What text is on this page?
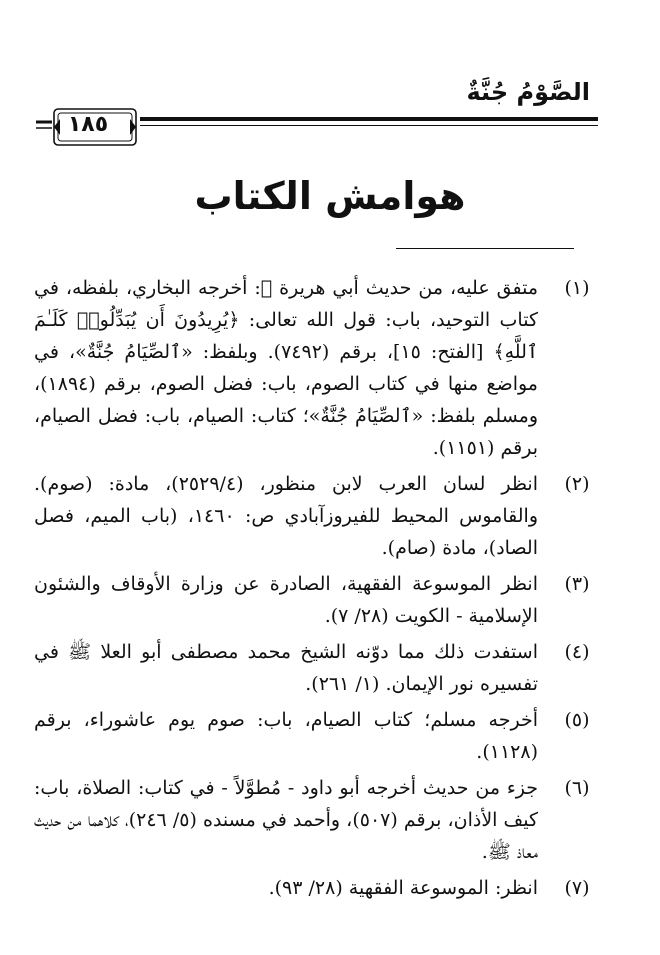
الصَّوْمُ جُنَّةٌ
١٨٥
هوامش الكتاب
(١)
متفق عليه، من حديث أبي هريرة ﷺ: أخرجه البخاري، بلفظه، في كتاب التوحيد، باب: قول الله تعالى: ﴿يُرِيدُونَ أَن يُبَدِّلُوا۟ كَلَـٰمَ ٱللَّهِ﴾ [الفتح: ١٥]، برقم (٧٤٩٢). وبلفظ: «ٱلصِّيَامُ جُنَّةٌ»، في مواضع منها في كتاب الصوم، باب: فضل الصوم، برقم (١٨٩٤)، ومسلم بلفظ: «ٱلصِّيَامُ جُنَّةٌ»؛ كتاب: الصيام، باب: فضل الصيام، برقم (١١٥١).
(٢)
انظر لسان العرب لابن منظور، (٢٥٢٩/٤)، مادة: (صوم). والقاموس المحيط للفيروزآبادي ص: ١٤٦٠، (باب الميم، فصل الصاد)، مادة (صام).
(٣)
انظر الموسوعة الفقهية، الصادرة عن وزارة الأوقاف والشئون الإسلامية - الكويت (٢٨/ ٧).
(٤)
استفدت ذلك مما دوّنه الشيخ محمد مصطفى أبو العلا ﷺ في تفسيره نور الإيمان. (١/ ٢٦١).
(٥)
أخرجه مسلم؛ كتاب الصيام، باب: صوم يوم عاشوراء، برقم (١١٢٨).
(٦)
جزء من حديث أخرجه أبو داود - مُطوَّلاً - في كتاب: الصلاة، باب: كيف الأذان، برقم (٥٠٧)، وأحمد في مسنده (٥/ ٢٤٦)، كلاهما من حديث معاذ ﷺ.
(٧)
انظر: الموسوعة الفقهية (٢٨/ ٩٣).
